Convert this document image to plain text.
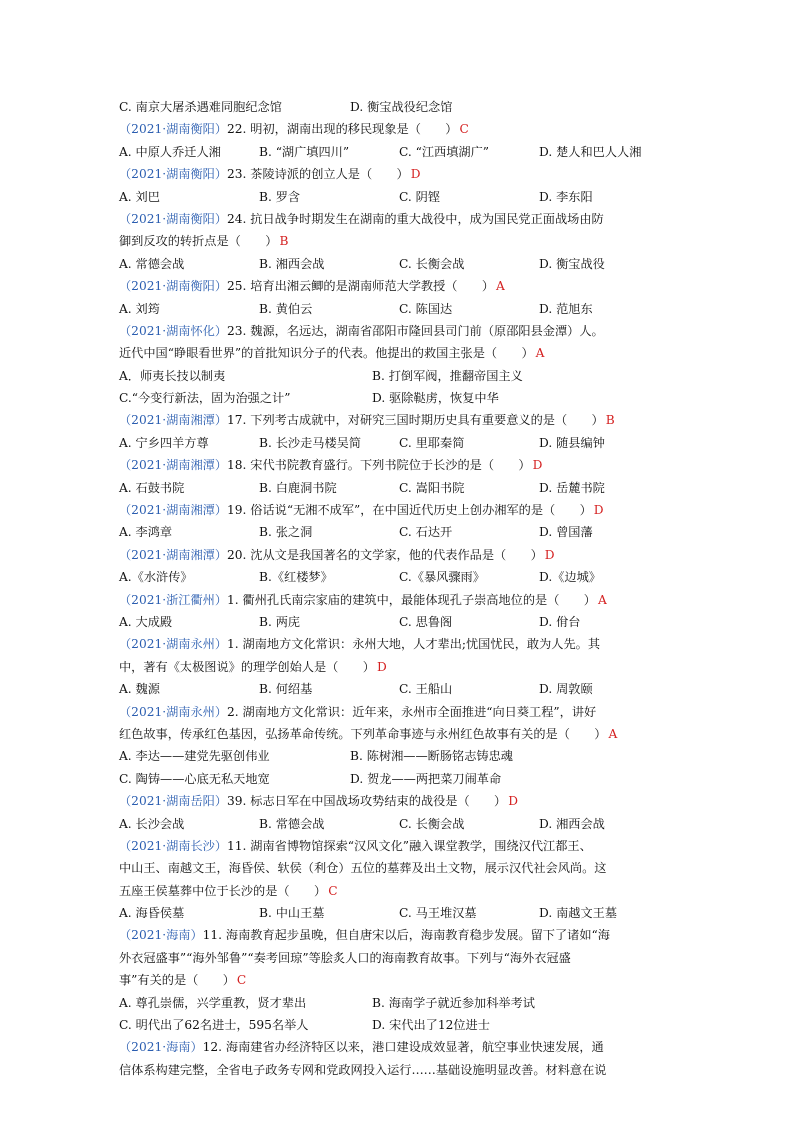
C. 南京大屠杀遇难同胞纪念馆	D. 衡宝战役纪念馆
（2021·湖南衡阳）22. 明初，湖南出现的移民现象是（　　） C
A. 中原人乔迁人湘	B. “湖广填四川”	C. “江西填湖广”	D. 楚人和巴人人湘
（2021·湖南衡阳）23. 茶陵诗派的创立人是（　　） D
A. 刘巴	B. 罗含	C. 阴铿	D. 李东阳
（2021·湖南衡阳）24. 抗日战争时期发生在湖南的重大战役中，成为国民党正面战场由防
御到反攻的转折点是（　　） B
A. 常德会战	B. 湘西会战	C. 长衡会战	D. 衡宝战役
（2021·湖南衡阳）25. 培育出湘云鲫的是湖南师范大学教授（　　） A
A. 刘筠	B. 黄伯云	C. 陈国达	D. 范旭东
（2021·湖南怀化）23. 魏源，名远达，湖南省邵阳市隆回县司门前（原邵阳县金潭）人。
近代中国“睁眼看世界”的首批知识分子的代表。他提出的救国主张是（　　） A
A．师夷长技以制夷	B. 打倒军阀，推翻帝国主义
C.“今变行新法，固为治强之计”	D. 驱除鞑虏，恢复中华
（2021·湖南湘潭）17. 下列考古成就中，对研究三国时期历史具有重要意义的是（　　） B
A. 宁乡四羊方尊	B. 长沙走马楼吴简	C. 里耶秦简	D. 随县编钟
（2021·湖南湘潭）18. 宋代书院教育盛行。下列书院位于长沙的是（　　） D
A. 石鼓书院	B. 白鹿洞书院	C. 嵩阳书院	D. 岳麓书院
（2021·湖南湘潭）19. 俗话说“无湘不成军”，在中国近代历史上创办湘军的是（　　） D
A. 李鸿章	B. 张之洞	C. 石达开	D. 曾国藩
（2021·湖南湘潭）20. 沈从文是我国著名的文学家，他的代表作品是（　　） D
A.《水浒传》	B.《红楼梦》	C.《暴风骤雨》	D.《边城》
（2021·浙江衢州）1. 衢州孔氏南宗家庙的建筑中，最能体现孔子崇高地位的是（　　） A
A. 大成殿	B. 两庑	C. 思鲁阁	D. 佾台
（2021·湖南永州）1. 湖南地方文化常识：永州大地，人才辈出;忧国忧民，敢为人先。其
中，著有《太极图说》的理学创始人是（　　） D
A. 魏源	B. 何绍基	C. 王船山	D. 周敦颐
（2021·湖南永州）2. 湖南地方文化常识：近年来，永州市全面推进“向日葵工程”，讲好
红色故事，传承红色基因，弘扬革命传统。下列革命事迹与永州红色故事有关的是（　　） A
A. 李达——建党先驱创伟业	B. 陈树湘——断肠铭志铸忠魂
C. 陶铸——心底无私天地宽	D. 贺龙——两把菜刀闹革命
（2021·湖南岳阳）39. 标志日军在中国战场攻势结束的战役是（　　） D
A. 长沙会战	B. 常德会战	C. 长衡会战	D. 湘西会战
（2021·湖南长沙）11. 湖南省博物馆探索“汉风文化”融入课堂教学，围绕汉代江都王、
中山王、南越文王，海昏侯、轪侯（利仓）五位的墓葬及出土文物，展示汉代社会风尚。这
五座王侯墓葬中位于长沙的是（　　） C
A. 海昏侯墓	B. 中山王墓	C. 马王堆汉墓	D. 南越文王墓
（2021·海南）11. 海南教育起步虽晚，但自唐宋以后，海南教育稳步发展。留下了诸如“海
外衣冠盛事”“海外邹鲁”“奏考回琼”等脍炙人口的海南教育故事。下列与“海外衣冠盛
事”有关的是（　　） C
A. 尊孔崇儒，兴学重教，贤才辈出	B. 海南学子就近参加科举考试
C. 明代出了62名进士，595名举人	D. 宋代出了12位进士
（2021·海南）12. 海南建省办经济特区以来，港口建设成效显著，航空事业快速发展，通
信体系构建完整，全省电子政务专网和党政网投入运行……基础设施明显改善。材料意在说
